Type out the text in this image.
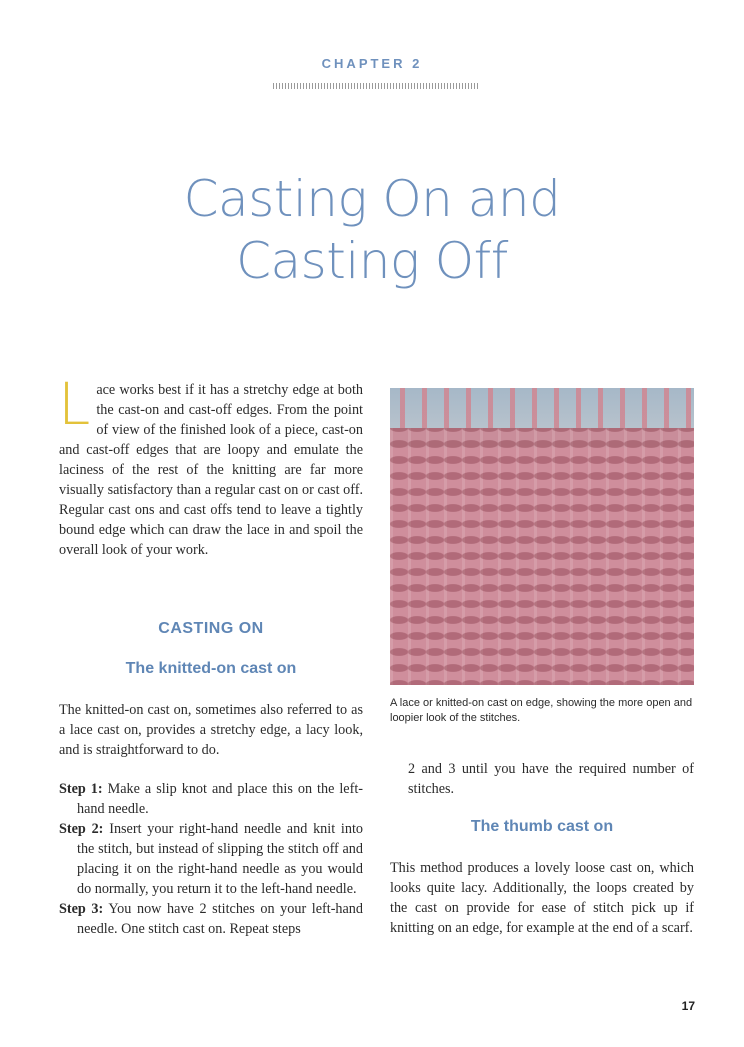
CHAPTER 2
Casting On and
Casting Off
Lace works best if it has a stretchy edge at both the cast-on and cast-off edges. From the point of view of the finished look of a piece, cast-on and cast-off edges that are loopy and emulate the laciness of the rest of the knitting are far more visually satisfactory than a regular cast on or cast off. Regular cast ons and cast offs tend to leave a tightly bound edge which can draw the lace in and spoil the overall look of your work.
CASTING ON
The knitted-on cast on
The knitted-on cast on, sometimes also referred to as a lace cast on, provides a stretchy edge, a lacy look, and is straightforward to do.

Step 1: Make a slip knot and place this on the left-hand needle.

Step 2: Insert your right-hand needle and knit into the stitch, but instead of slipping the stitch off and placing it on the right-hand needle as you would do normally, you return it to the left-hand needle.

Step 3: You now have 2 stitches on your left-hand needle. One stitch cast on. Repeat steps

A lace or knitted-on cast on edge, showing the more open and loopier look of the stitches.
2 and 3 until you have the required number of stitches.
The thumb cast on
This method produces a lovely loose cast on, which looks quite lacy. Additionally, the loops created by the cast on provide for ease of stitch pick up if knitting on an edge, for example at the end of a scarf.
17
